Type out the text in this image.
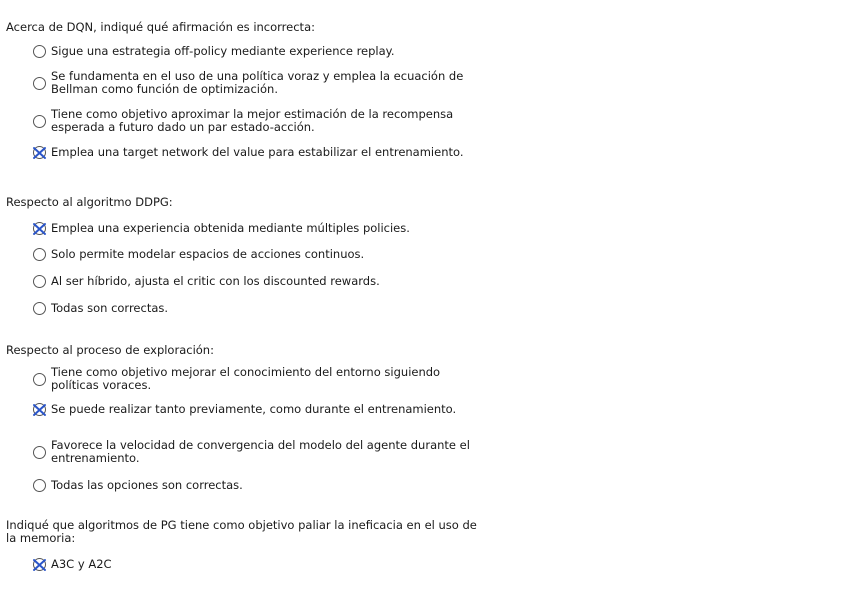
Acerca de DQN, indiqué qué afirmación es incorrecta:
Sigue una estrategia off-policy mediante experience replay.
Se fundamenta en el uso de una política voraz y emplea la ecuación de Bellman como función de optimización.
Tiene como objetivo aproximar la mejor estimación de la recompensa esperada a futuro dado un par estado-acción.
Emplea una target network del value para estabilizar el entrenamiento.
Respecto al algoritmo DDPG:
Emplea una experiencia obtenida mediante múltiples policies.
Solo permite modelar espacios de acciones continuos.
Al ser híbrido, ajusta el critic con los discounted rewards.
Todas son correctas.
Respecto al proceso de exploración:
Tiene como objetivo mejorar el conocimiento del entorno siguiendo políticas voraces.
Se puede realizar tanto previamente, como durante el entrenamiento.
Favorece la velocidad de convergencia del modelo del agente durante el entrenamiento.
Todas las opciones son correctas.
Indiqué que algoritmos de PG tiene como objetivo paliar la ineficacia en el uso de la memoria:
A3C y A2C
